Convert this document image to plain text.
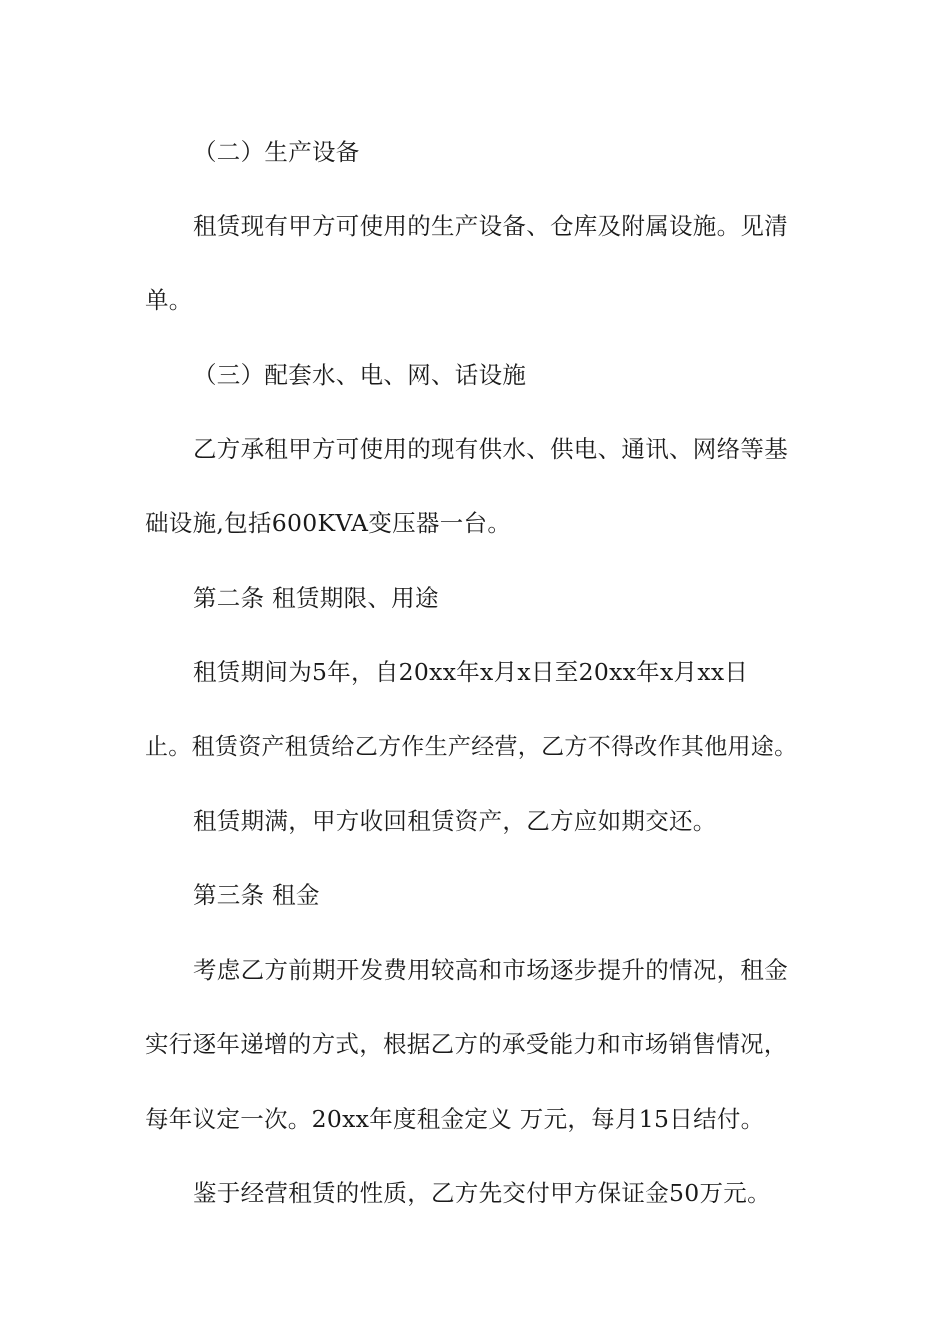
（二）生产设备
租赁现有甲方可使用的生产设备、仓库及附属设施。见清
单。
（三）配套水、电、网、话设施
乙方承租甲方可使用的现有供水、供电、通讯、网络等基
础设施,包括600KVA变压器一台。
第二条 租赁期限、用途
租赁期间为5年，自20xx年x月x日至20xx年x月xx日
止。租赁资产租赁给乙方作生产经营，乙方不得改作其他用途。
租赁期满，甲方收回租赁资产，乙方应如期交还。
第三条 租金
考虑乙方前期开发费用较高和市场逐步提升的情况，租金
实行逐年递增的方式，根据乙方的承受能力和市场销售情况，
每年议定一次。20xx年度租金定义 万元，每月15日结付。
鉴于经营租赁的性质，乙方先交付甲方保证金50万元。
